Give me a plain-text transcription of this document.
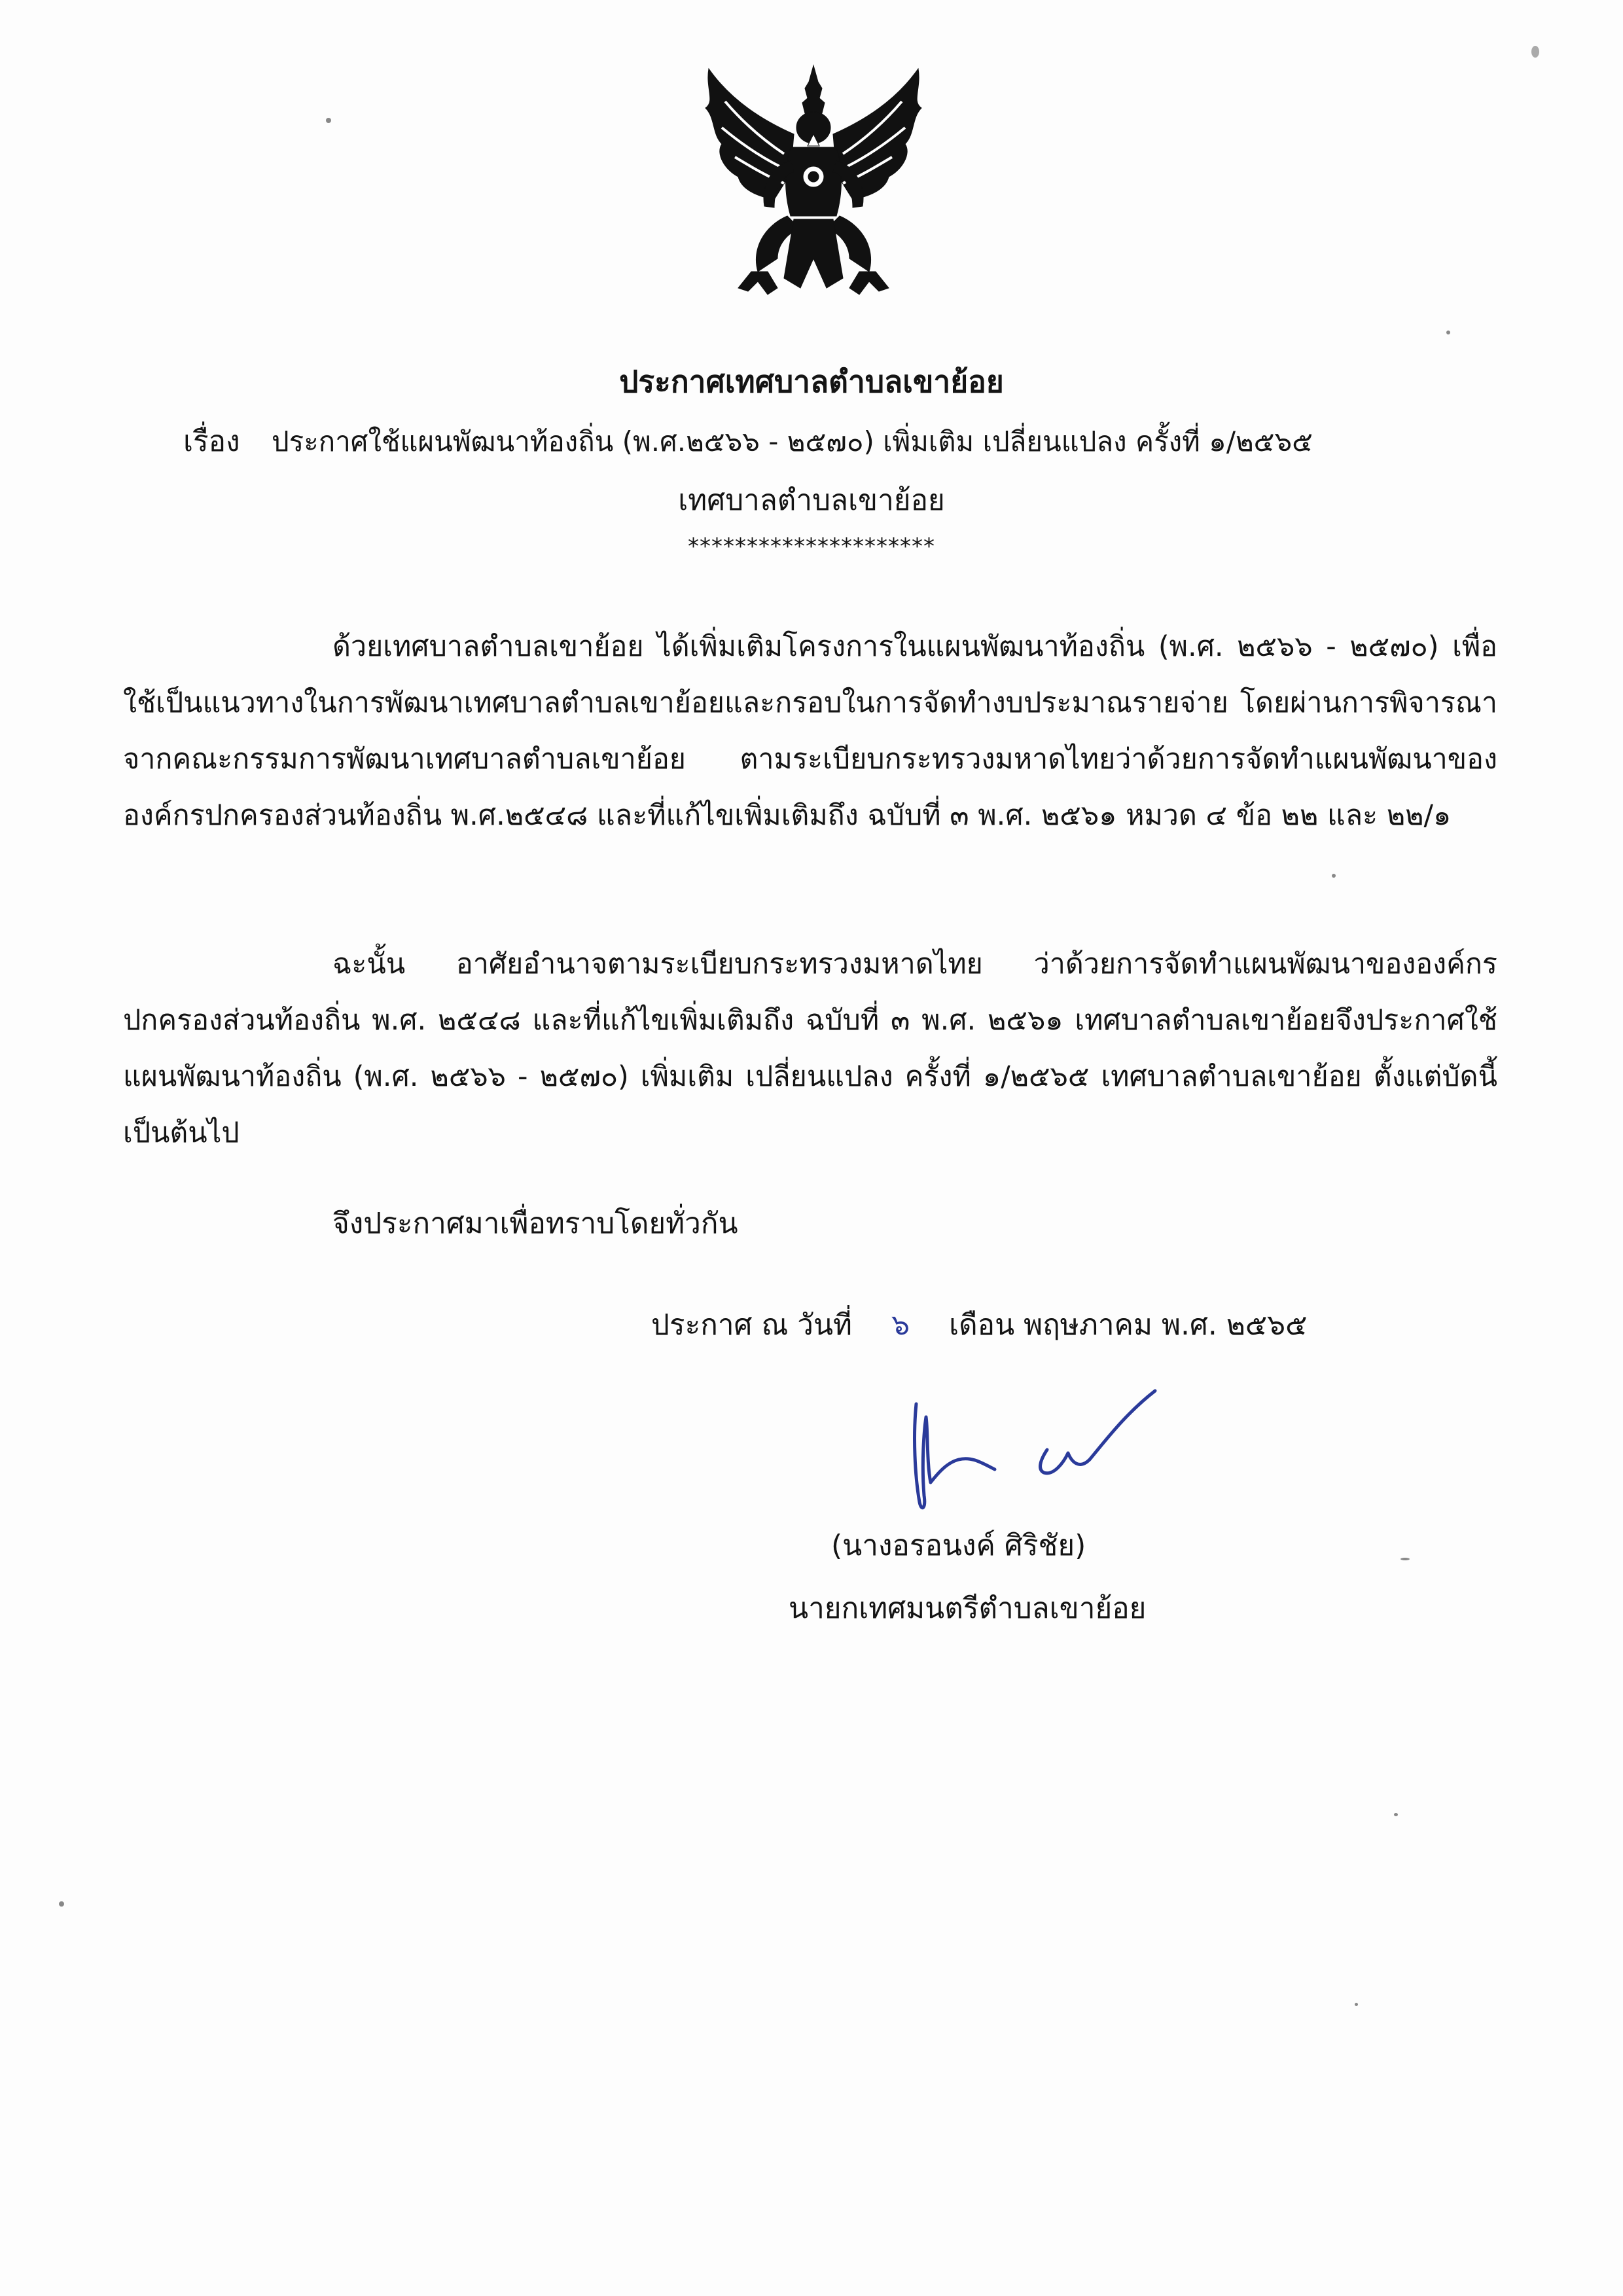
ประกาศเทศบาลตำบลเขาย้อย
เรื่อง ประกาศใช้แผนพัฒนาท้องถิ่น (พ.ศ.๒๕๖๖ - ๒๕๗๐) เพิ่มเติม เปลี่ยนแปลง ครั้งที่ ๑/๒๕๖๕
เทศบาลตำบลเขาย้อย
*********************

ด้วยเทศบาลตำบลเขาย้อย ได้เพิ่มเติมโครงการในแผนพัฒนาท้องถิ่น (พ.ศ. ๒๕๖๖ - ๒๕๗๐) เพื่อใช้เป็นแนวทางในการพัฒนาเทศบาลตำบลเขาย้อยและกรอบในการจัดทำงบประมาณรายจ่าย โดยผ่านการพิจารณาจากคณะกรรมการพัฒนาเทศบาลตำบลเขาย้อย ตามระเบียบกระทรวงมหาดไทยว่าด้วยการจัดทำแผนพัฒนาขององค์กรปกครองส่วนท้องถิ่น พ.ศ.๒๕๔๘ และที่แก้ไขเพิ่มเติมถึง ฉบับที่ ๓ พ.ศ. ๒๕๖๑ หมวด ๔ ข้อ ๒๒ และ ๒๒/๑

ฉะนั้น อาศัยอำนาจตามระเบียบกระทรวงมหาดไทย ว่าด้วยการจัดทำแผนพัฒนาขององค์กรปกครองส่วนท้องถิ่น พ.ศ. ๒๕๔๘ และที่แก้ไขเพิ่มเติมถึง ฉบับที่ ๓ พ.ศ. ๒๕๖๑ เทศบาลตำบลเขาย้อยจึงประกาศใช้แผนพัฒนาท้องถิ่น (พ.ศ. ๒๕๖๖ - ๒๕๗๐) เพิ่มเติม เปลี่ยนแปลง ครั้งที่ ๑/๒๕๖๕ เทศบาลตำบลเขาย้อย ตั้งแต่บัดนี้เป็นต้นไป

จึงประกาศมาเพื่อทราบโดยทั่วกัน
ประกาศ ณ วันที่ ๖ เดือน พฤษภาคม พ.ศ. ๒๕๖๕
(นางอรอนงค์ ศิริชัย)
นายกเทศมนตรีตำบลเขาย้อย
